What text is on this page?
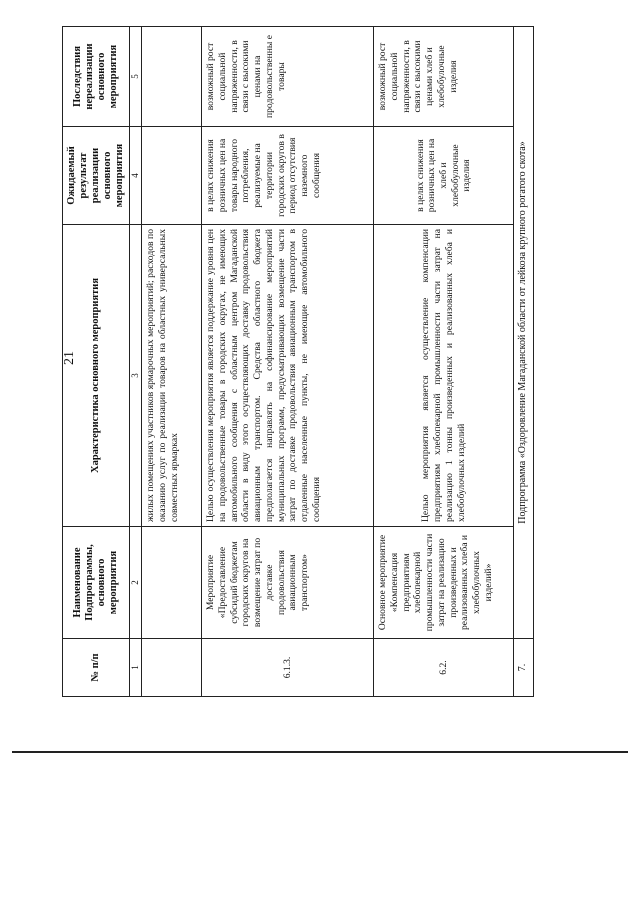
21
№ п/п	Наименование Подпрограммы, основного мероприятия	Характеристика основного мероприятия	Ожидаемый результат реализации основного мероприятия	Последствия нереализации основного мероприятия
1	2	3	4	5
		жилых помещениях участников ярмарочных мероприятий; расходов по оказанию услуг по реализации товаров на областных универсальных совместных ярмарках		
6.1.3.	Мероприятие «Предоставление субсидий бюджетам городских округов на возмещение затрат по доставке продовольствия авиационным транспортом»	Целью осуществления мероприятия является поддержание уровня цен на продовольственные товары в городских округах, не имеющих автомобильного сообщения с областным центром Магаданской области в виду этого осуществляющих доставку продовольствия авиационным транспортом. Средства областного бюджета предполагается направлять на софинансирование мероприятий муниципальных программ, предусматривающих возмещение части затрат по доставке продовольствия авиационным транспортом в отдаленные населенные пункты, не имеющие автомобильного сообщения	в целях снижения розничных цен на товары народного потребления, реализуемые на территории городских округов в период отсутствия наземного сообщения	возможный рост социальной напряженности, в связи с высокими ценами на продовольственны е товары
6.2.	Основное мероприятие «Компенсация предприятиям хлебопекарной промышленности части затрат на реализацию произведенных и реализованных хлеба и хлебобулочных изделий»	Целью мероприятия является осуществление компенсации предприятиям хлебопекарной промышленности части затрат на реализацию 1 тонны произведенных и реализованных хлеба и хлебобулочных изделий	в целях снижения розничных цен на хлеб и хлебобулочные изделия	возможный рост социальной напряженности, в связи с высокими ценами хлеб и хлебобулочные изделия
7.	Подпрограмма «Оздоровление Магаданской области от лейкоза крупного рогатого скота»			
